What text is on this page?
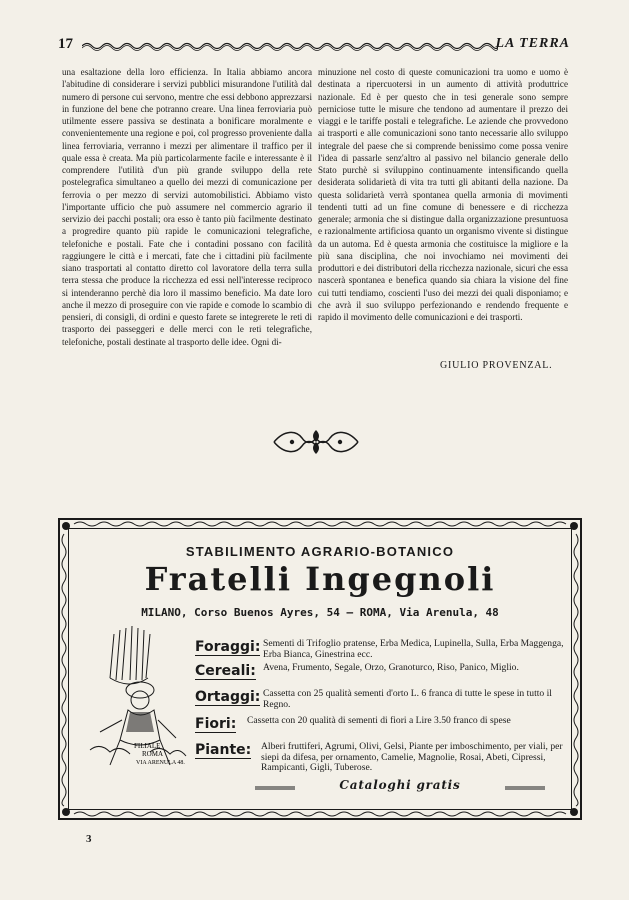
17	LA TERRA

una esaltazione della loro efficienza. In Italia abbiamo ancora l'abitudine di considerare i servizi pubblici misurandone l'utilità dal numero di persone cui servono, mentre che essi debbono apprezzarsi in funzione del bene che potranno creare. Una linea ferroviaria può utilmente essere passiva se destinata a bonificare moralmente e convenientemente una regione e poi, col progresso proveniente dalla linea ferroviaria, verranno i mezzi per alimentare il traffico per il quale essa è creata. Ma più particolarmente facile e interessante è il comprendere l'utilità d'un più grande sviluppo della rete postelegrafica simultaneo a quello dei mezzi di comunicazione per ferrovia o per mezzo di servizi automobilistici. Abbiamo visto l'importante ufficio che può assumere nel commercio agrario il servizio dei pacchi postali; ora esso è tanto più facilmente destinato a progredire quanto più rapide le comunicazioni telegrafiche, telefoniche e postali. Fate che i contadini possano con facilità raggiungere le città e i mercati, fate che i cittadini più facilmente siano trasportati al contatto diretto col lavoratore della terra sulla terra stessa che produce la ricchezza ed essi nell'interesse reciproco si intenderanno perchè dia loro il massimo beneficio. Ma date loro anche il mezzo di proseguire con vie rapide e comode lo scambio di pensieri, di consigli, di ordini e questo farete se integrerete le reti di trasporto dei passeggeri e delle merci con le reti telegrafiche, telefoniche, postali destinate al trasporto delle idee. Ogni di-

minuzione nel costo di queste comunicazioni tra uomo e uomo è destinata a ripercuotersi in un aumento di attività produttrice nazionale. Ed è per questo che in tesi generale sono sempre perniciose tutte le misure che tendono ad aumentare il prezzo dei viaggi e le tariffe postali e telegrafiche. Le aziende che provvedono ai trasporti e alle comunicazioni sono tanto necessarie allo sviluppo integrale del paese che si comprende benissimo come possa venire l'idea di passarle senz'altro al passivo nel bilancio generale dello Stato purchè si sviluppino continuamente intensificando quella desiderata solidarietà di vita tra tutti gli abitanti della nazione. Da questa solidarietà verrà spontanea quella armonia di movimenti tendenti tutti ad un fine comune di benessere e di ricchezza generale; armonia che si distingue dalla organizzazione presuntuosa e razionalmente artificiosa quanto un organismo vivente si distingue da un automa. Ed è questa armonia che costituisce la migliore e la più sana disciplina, che noi invochiamo nei movimenti dei produttori e dei distributori della ricchezza nazionale, sicuri che essa nascerà spontanea e benefica quando sia chiara la visione del fine cui tutti tendiamo, coscienti l'uso dei mezzi dei quali disponiamo; e che avrà il suo sviluppo perfezionando e rendendo frequente e rapido il movimento delle comunicazioni e dei trasporti.

GIULIO PROVENZAL.
STABILIMENTO AGRARIO-BOTANICO
Fratelli Ingegnoli
MILANO, Corso Buenos Ayres, 54 – ROMA, Via Arenula, 48
FILIALE
ROMA
VIA ARENULA 48.
Foraggi: Sementi di Trifoglio pratense, Erba Medica, Lupinella, Sulla, Erba Maggenga, Erba Bianca, Ginestrina ecc.
Cereali: Avena, Frumento, Segale, Orzo, Granoturco, Riso, Panico, Miglio.
Ortaggi: Cassetta con 25 qualità sementi d'orto L. 6 franca di tutte le spese in tutto il Regno.
Fiori: Cassetta con 20 qualità di sementi di fiori a Lire 3.50 franco di spese
Piante: Alberi fruttiferi, Agrumi, Olivi, Gelsi, Piante per imboschimento, per viali, per siepi da difesa, per ornamento, Camelie, Magnolie, Rosai, Abeti, Cipressi, Rampicanti, Gigli, Tuberose.
Cataloghi gratis
3
